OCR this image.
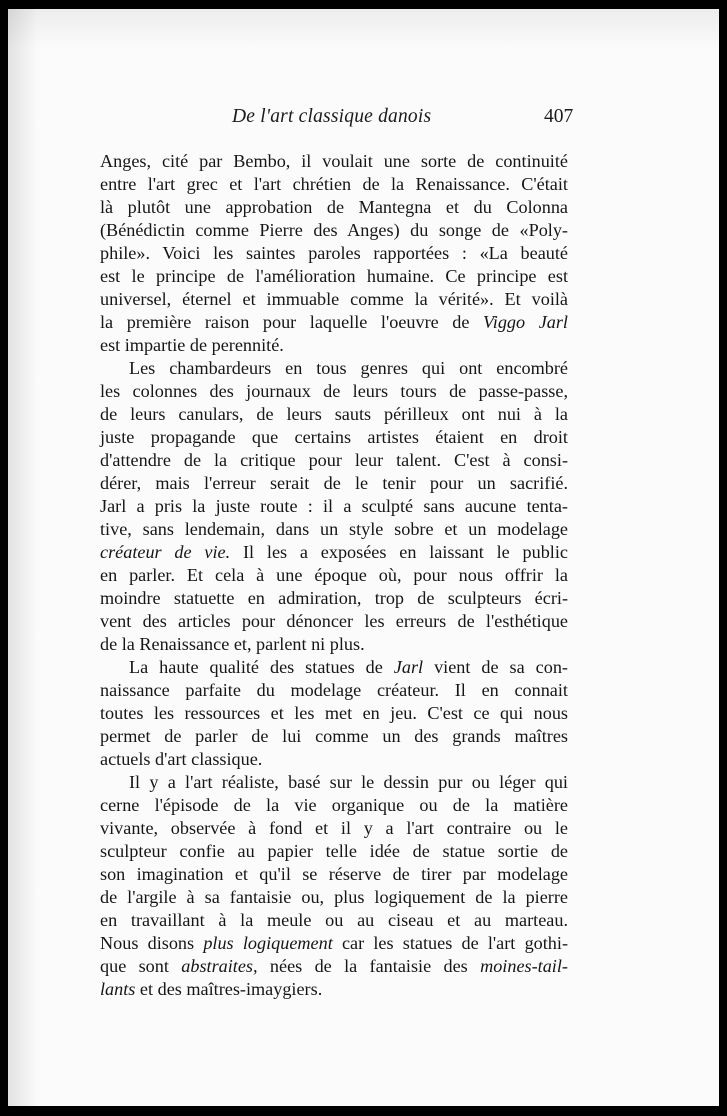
De l'art classique danois	407
Anges, cité par Bembo, il voulait une sorte de continuité
entre l'art grec et l'art chrétien de la Renaissance. C'était
là plutôt une approbation de Mantegna et du Colonna
(Bénédictin comme Pierre des Anges) du songe de «Poly-
phile». Voici les saintes paroles rapportées : «La beauté
est le principe de l'amélioration humaine. Ce principe est
universel, éternel et immuable comme la vérité». Et voilà
la première raison pour laquelle l'oeuvre de Viggo Jarl
est impartie de perennité.
Les chambardeurs en tous genres qui ont encombré
les colonnes des journaux de leurs tours de passe-passe,
de leurs canulars, de leurs sauts périlleux ont nui à la
juste propagande que certains artistes étaient en droit
d'attendre de la critique pour leur talent. C'est à consi-
dérer, mais l'erreur serait de le tenir pour un sacrifié.
Jarl a pris la juste route : il a sculpté sans aucune tenta-
tive, sans lendemain, dans un style sobre et un modelage
créateur de vie. Il les a exposées en laissant le public
en parler. Et cela à une époque où, pour nous offrir la
moindre statuette en admiration, trop de sculpteurs écri-
vent des articles pour dénoncer les erreurs de l'esthétique
de la Renaissance et, parlent ni plus.
La haute qualité des statues de Jarl vient de sa con-
naissance parfaite du modelage créateur. Il en connait
toutes les ressources et les met en jeu. C'est ce qui nous
permet de parler de lui comme un des grands maîtres
actuels d'art classique.
Il y a l'art réaliste, basé sur le dessin pur ou léger qui
cerne l'épisode de la vie organique ou de la matière
vivante, observée à fond et il y a l'art contraire ou le
sculpteur confie au papier telle idée de statue sortie de
son imagination et qu'il se réserve de tirer par modelage
de l'argile à sa fantaisie ou, plus logiquement de la pierre
en travaillant à la meule ou au ciseau et au marteau.
Nous disons plus logiquement car les statues de l'art gothi-
que sont abstraites, nées de la fantaisie des moines-tail-
lants et des maîtres-imaygiers.
